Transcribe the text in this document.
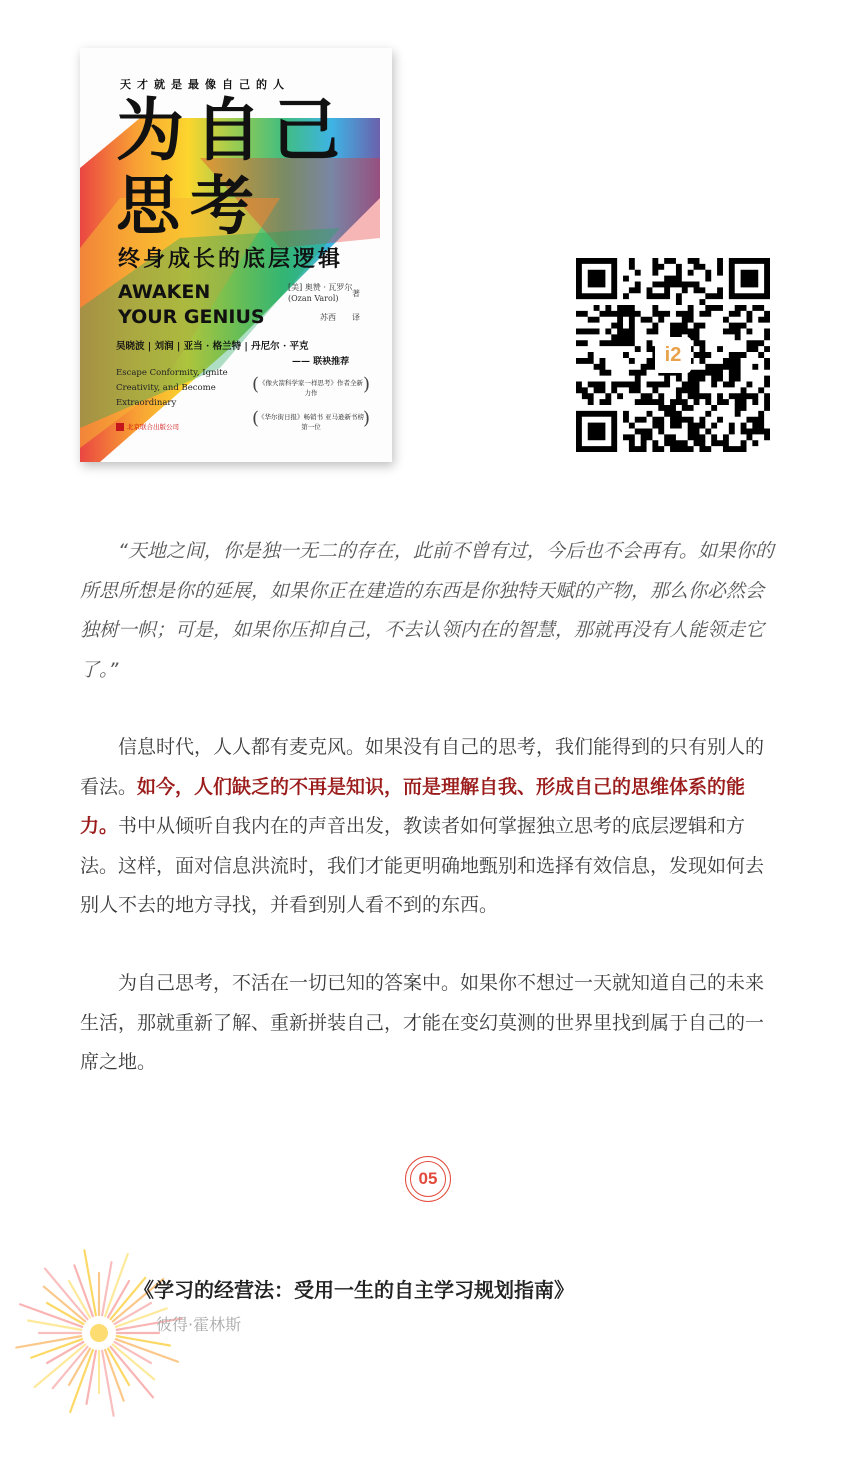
天才就是最像自己的人
为自己
思考
终身成长的底层逻辑
AWAKEN
YOUR GENIUS
[美] 奥赞 · 瓦罗尔
(Ozan Varol)
著
苏西 译
吴晓波 | 刘润 | 亚当 · 格兰特 | 丹尼尔 · 平克
—— 联袂推荐
Escape Conformity, Ignite Creativity, and Become Extraordinary
( 《像火箭科学家一样思考》作者全新力作 )
( 《华尔街日报》畅销书 亚马逊新书榜第一位 )
北京联合出版公司
i2

“天地之间，你是独一无二的存在，此前不曾有过，今后也不会再有。如果你的所思所想是你的延展，如果你正在建造的东西是你独特天赋的产物，那么你必然会独树一帜；可是，如果你压抑自己，不去认领内在的智慧，那就再没有人能领走它了。”

信息时代，人人都有麦克风。如果没有自己的思考，我们能得到的只有别人的看法。如今，人们缺乏的不再是知识，而是理解自我、形成自己的思维体系的能力。书中从倾听自我内在的声音出发，教读者如何掌握独立思考的底层逻辑和方法。这样，面对信息洪流时，我们才能更明确地甄别和选择有效信息，发现如何去别人不去的地方寻找，并看到别人看不到的东西。

为自己思考，不活在一切已知的答案中。如果你不想过一天就知道自己的未来生活，那就重新了解、重新拼装自己，才能在变幻莫测的世界里找到属于自己的一席之地。

05
《学习的经营法：受用一生的自主学习规划指南》
彼得·霍林斯
